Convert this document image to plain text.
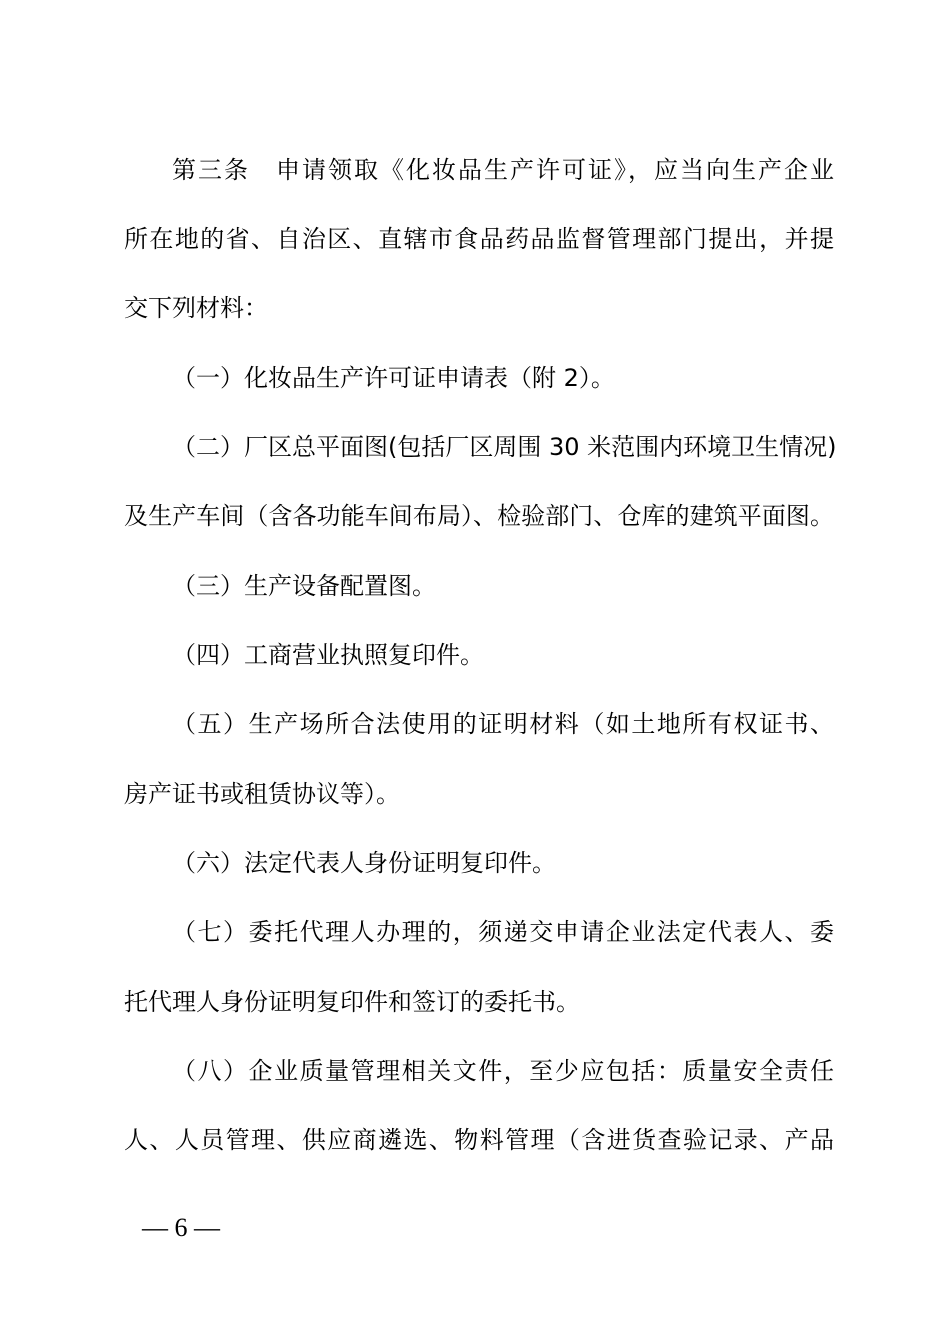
第三条　申请领取《化妆品生产许可证》，应当向生产企业
所在地的省、自治区、直辖市食品药品监督管理部门提出，并提
交下列材料：
（一）化妆品生产许可证申请表（附 2）。
（二）厂区总平面图(包括厂区周围 30 米范围内环境卫生情况)
及生产车间（含各功能车间布局）、检验部门、仓库的建筑平面图。
（三）生产设备配置图。
（四）工商营业执照复印件。
（五）生产场所合法使用的证明材料（如土地所有权证书、
房产证书或租赁协议等）。
（六）法定代表人身份证明复印件。
（七）委托代理人办理的，须递交申请企业法定代表人、委
托代理人身份证明复印件和签订的委托书。
（八）企业质量管理相关文件，至少应包括：质量安全责任
人、人员管理、供应商遴选、物料管理（含进货查验记录、产品
— 6 —
